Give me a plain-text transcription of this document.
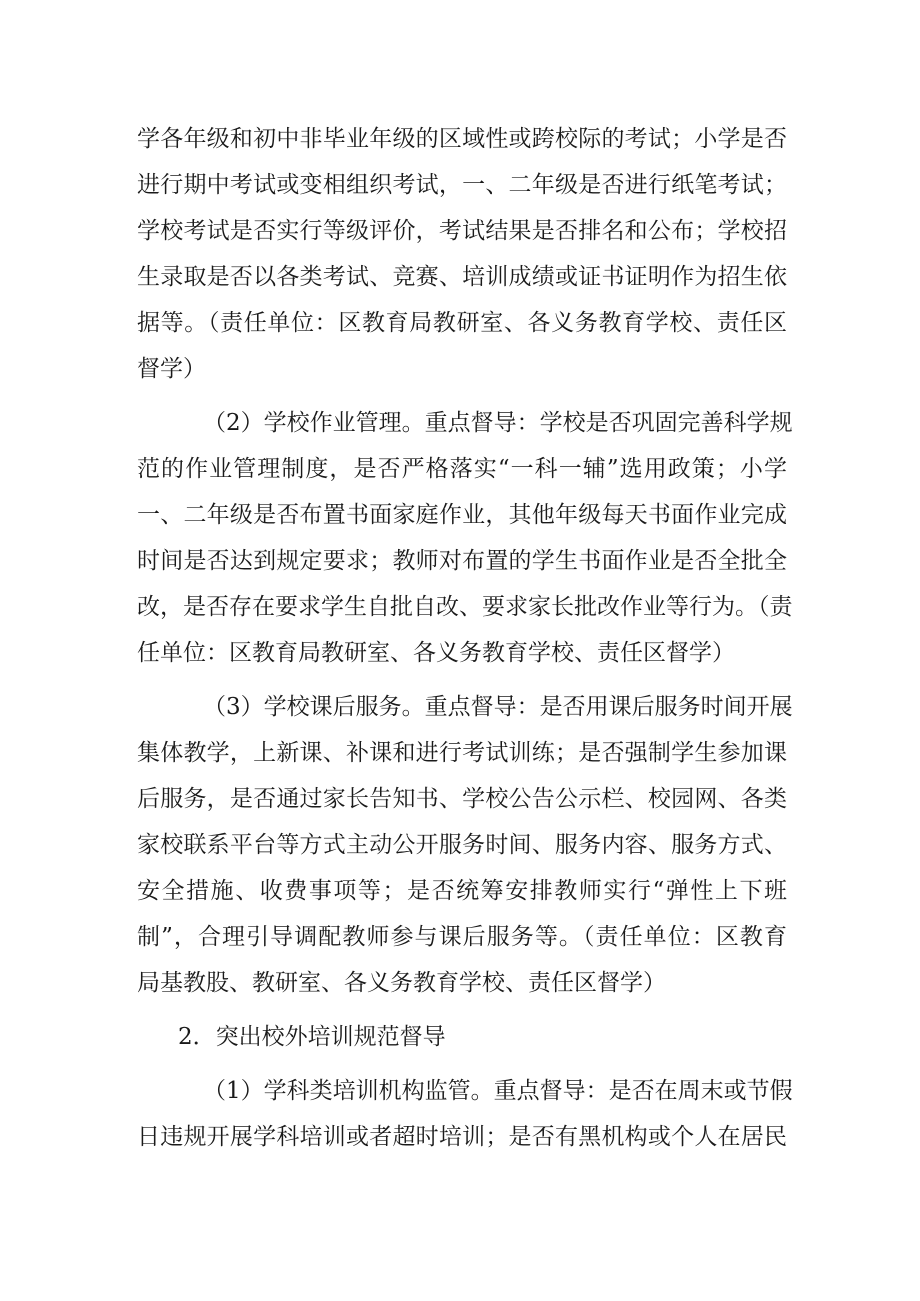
学各年级和初中非毕业年级的区域性或跨校际的考试；小学是否
进行期中考试或变相组织考试，一、二年级是否进行纸笔考试；
学校考试是否实行等级评价，考试结果是否排名和公布；学校招
生录取是否以各类考试、竞赛、培训成绩或证书证明作为招生依
据等。（责任单位：区教育局教研室、各义务教育学校、责任区
督学）
（2）学校作业管理。重点督导：学校是否巩固完善科学规
范的作业管理制度，是否严格落实“一科一辅”选用政策；小学
一、二年级是否布置书面家庭作业，其他年级每天书面作业完成
时间是否达到规定要求；教师对布置的学生书面作业是否全批全
改，是否存在要求学生自批自改、要求家长批改作业等行为。（责
任单位：区教育局教研室、各义务教育学校、责任区督学）
（3）学校课后服务。重点督导：是否用课后服务时间开展
集体教学，上新课、补课和进行考试训练；是否强制学生参加课
后服务，是否通过家长告知书、学校公告公示栏、校园网、各类
家校联系平台等方式主动公开服务时间、服务内容、服务方式、
安全措施、收费事项等；是否统筹安排教师实行“弹性上下班
制”，合理引导调配教师参与课后服务等。（责任单位：区教育
局基教股、教研室、各义务教育学校、责任区督学）
2．突出校外培训规范督导
（1）学科类培训机构监管。重点督导：是否在周末或节假
日违规开展学科培训或者超时培训；是否有黑机构或个人在居民
